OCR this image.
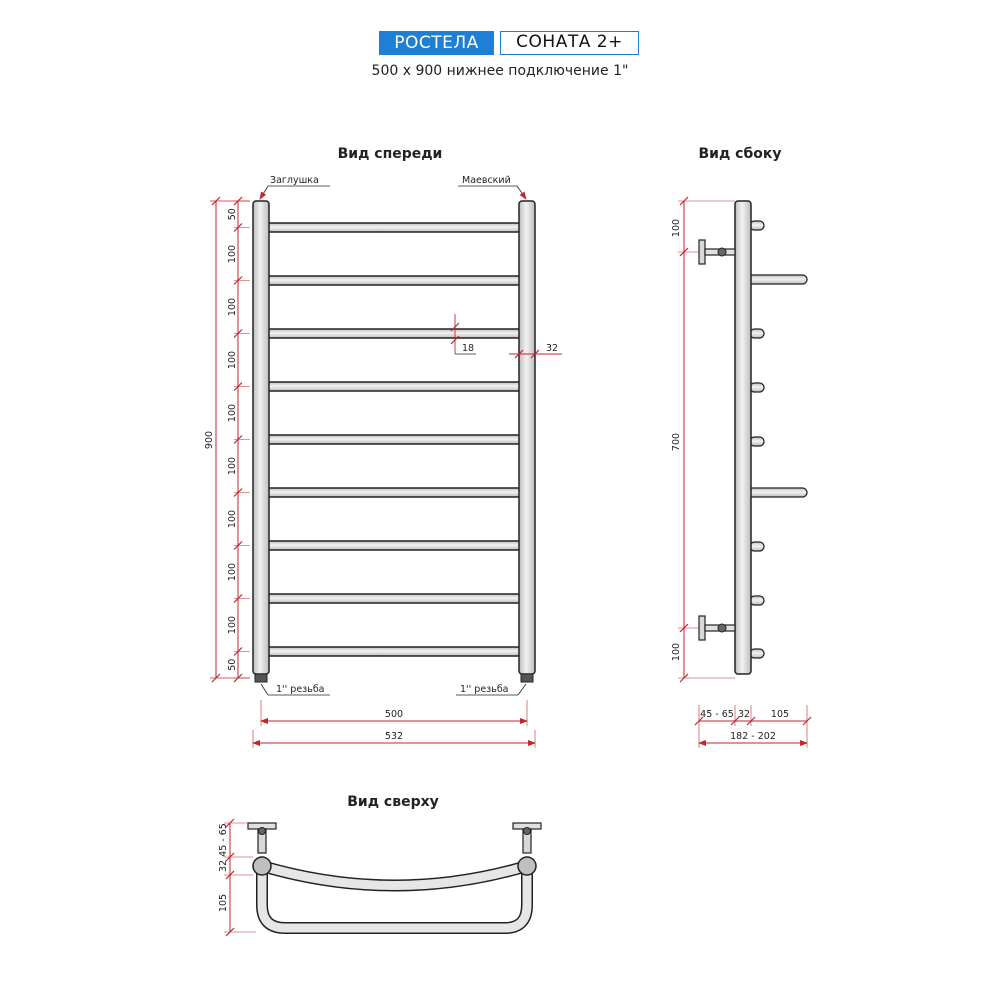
РОСТЕЛА	СОНАТА 2+
500 х 900 нижнее подключение 1"
Вид спереди
Заглушка	Маевский
1'' резьба	1'' резьба
50
100
100
100
100
100
100
100
100
50
900
18	32
500
532
Вид сбоку
100
700
100
45 - 65 32 105
182 - 202
Вид сверху
45 - 65
32
105
